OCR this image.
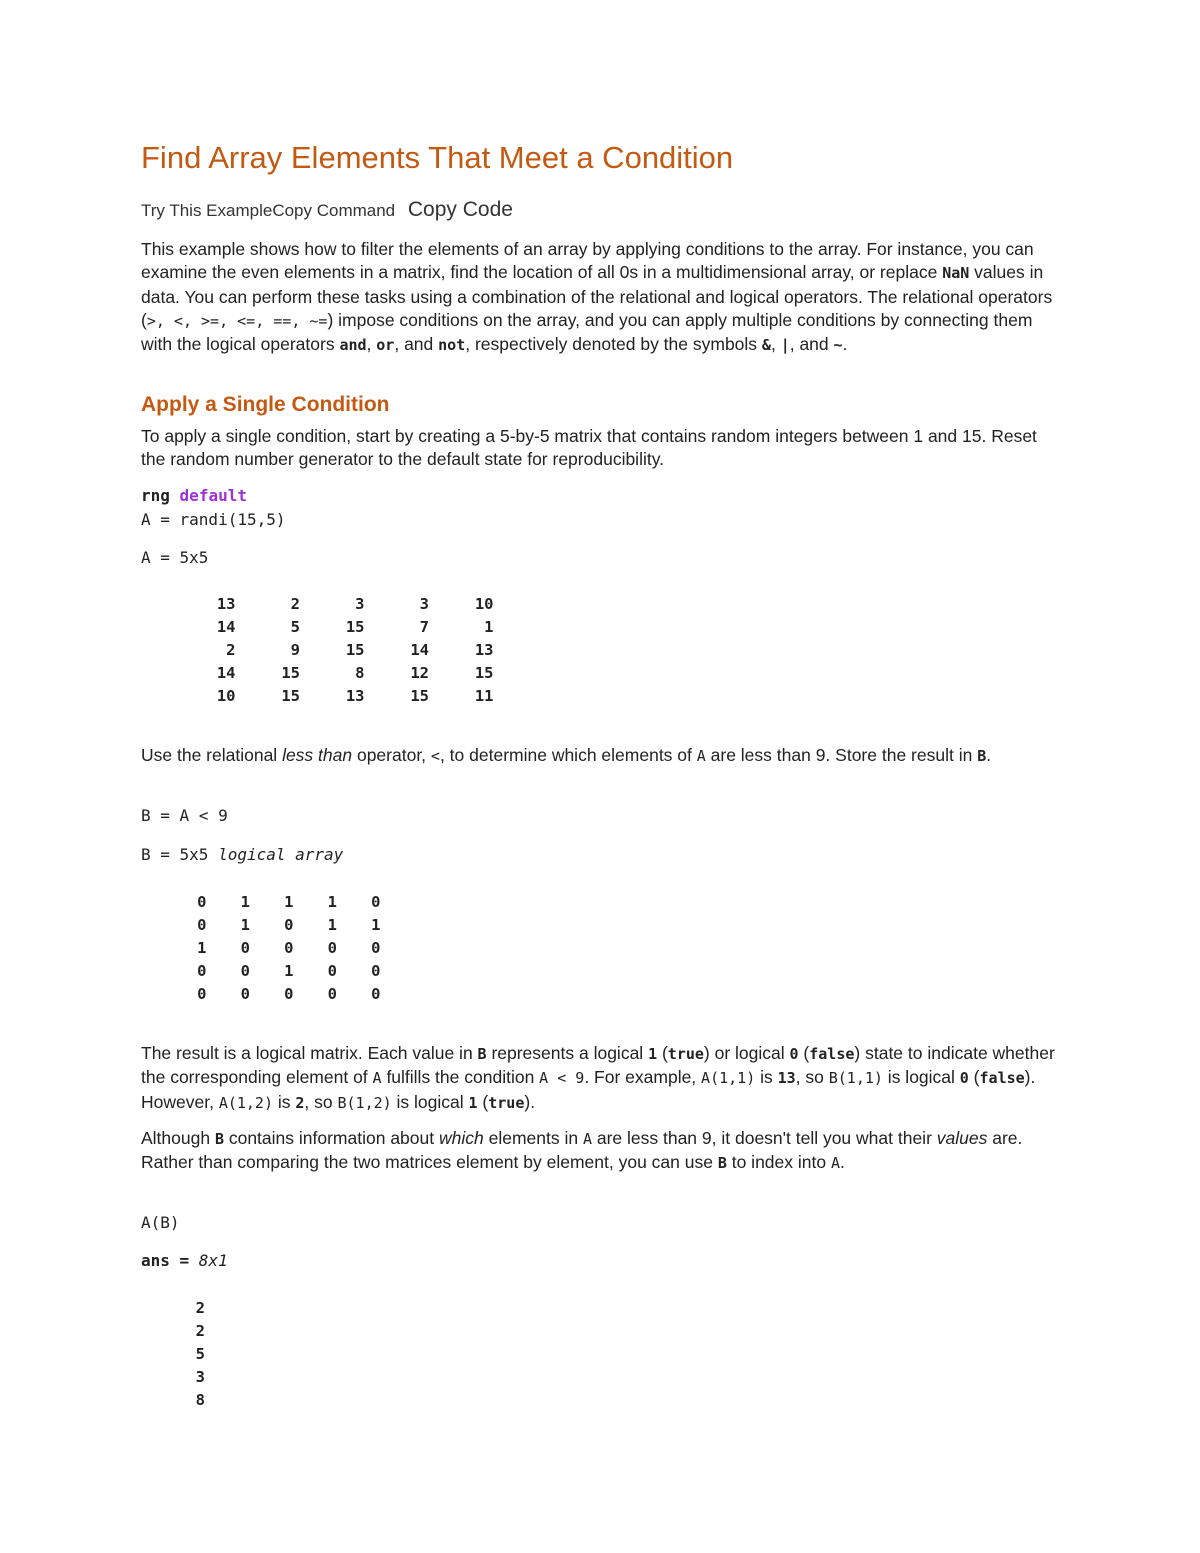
Find Array Elements That Meet a Condition
Try This ExampleCopy Command Copy Code

This example shows how to filter the elements of an array by applying conditions to the array. For instance, you can examine the even elements in a matrix, find the location of all 0s in a multidimensional array, or replace NaN values in data. You can perform these tasks using a combination of the relational and logical operators. The relational operators (>, <, >=, <=, ==, ~=) impose conditions on the array, and you can apply multiple conditions by connecting them with the logical operators and, or, and not, respectively denoted by the symbols &, |, and ~.

Apply a Single Condition

To apply a single condition, start by creating a 5-by-5 matrix that contains random integers between 1 and 15. Reset the random number generator to the default state for reproducibility.

rng default
A = randi(15,5)
A = 5x5
13	2	3	3	10
14	5	15	7	1
2	9	15	14	13
14	15	8	12	15
10	15	13	15	11

Use the relational less than operator, <, to determine which elements of A are less than 9. Store the result in B.

B = A < 9
B = 5x5 logical array
0	1	1	1	0
0	1	0	1	1
1	0	0	0	0
0	0	1	0	0
0	0	0	0	0

The result is a logical matrix. Each value in B represents a logical 1 (true) or logical 0 (false) state to indicate whether the corresponding element of A fulfills the condition A < 9. For example, A(1,1) is 13, so B(1,1) is logical 0 (false). However, A(1,2) is 2, so B(1,2) is logical 1 (true).

Although B contains information about which elements in A are less than 9, it doesn't tell you what their values are. Rather than comparing the two matrices element by element, you can use B to index into A.

A(B)
ans = 8x1
2
2
5
3
8
